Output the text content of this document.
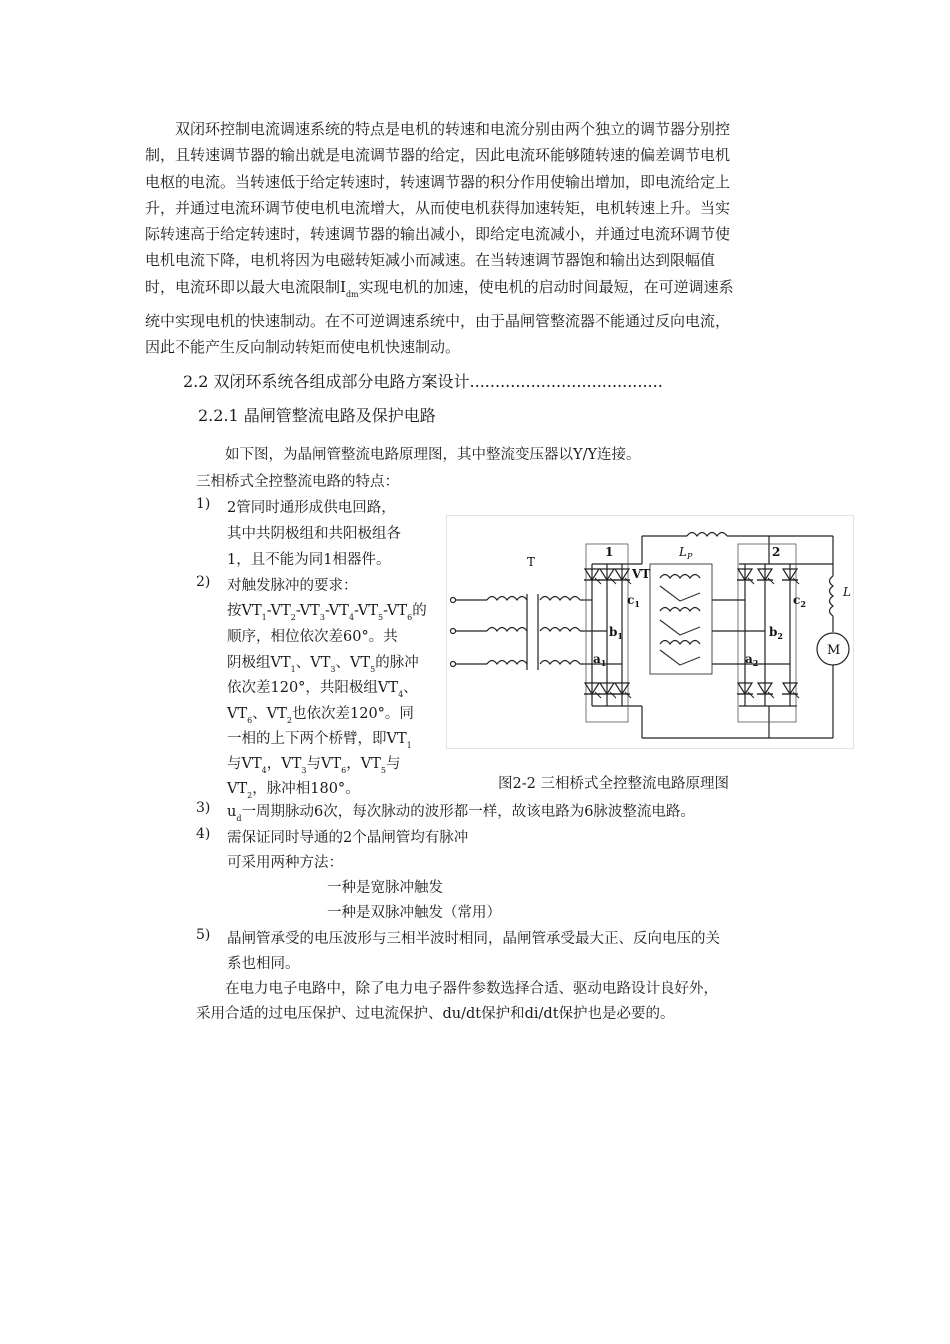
　　双闭环控制电流调速系统的特点是电机的转速和电流分别由两个独立的调节器分别控
制，且转速调节器的输出就是电流调节器的给定，因此电流环能够随转速的偏差调节电机
电枢的电流。当转速低于给定转速时，转速调节器的积分作用使输出增加，即电流给定上
升，并通过电流环调节使电机电流增大，从而使电机获得加速转矩，电机转速上升。当实
际转速高于给定转速时，转速调节器的输出减小，即给定电流减小，并通过电流环调节使
电机电流下降，电机将因为电磁转矩减小而减速。在当转速调节器饱和输出达到限幅值
时，电流环即以最大电流限制$I_{dm}$实现电机的加速，使电机的启动时间最短，在可逆调速系
统中实现电机的快速制动。在不可逆调速系统中，由于晶闸管整流器不能通过反向电流，
因此不能产生反向制动转矩而使电机快速制动。
2.2 双闭环系统各组成部分电路方案设计......................................
2.2.1 晶闸管整流电路及保护电路
　　如下图，为晶闸管整流电路原理图，其中整流变压器以Y/Y连接。
三相桥式全控整流电路的特点：
1) 2管同时通形成供电回路，
其中共阴极组和共阳极组各
1，且不能为同1相器件。
2) 对触发脉冲的要求：
按$VT_1-VT_2-VT_3-VT_4-VT_5-VT_6$的
顺序，相位依次差60°。共
阴极组$VT_1$、$VT_3$、$VT_5$的脉冲
依次差120°，共阳极组$VT_4$、
$VT_6$、$VT_2$也依次差120°。同
一相的上下两个桥臂，即$VT_1$
与$VT_4$，$VT_3$与$VT_6$，$VT_5$与
$VT_2$，脉冲相180°。
T
1
VT
$L_P$	2
L
M
$c_1$
$b_1$
$a_1$
$c_2$
$b_2$
$a_2$
图2-2 三相桥式全控整流电路原理图
3) $u_d$一周期脉动6次，每次脉动的波形都一样，故该电路为6脉波整流电路。
4) 需保证同时导通的2个晶闸管均有脉冲
可采用两种方法：
一种是宽脉冲触发
一种是双脉冲触发（常用）
5) 晶闸管承受的电压波形与三相半波时相同，晶闸管承受最大正、反向电压的关
系也相同。
　　在电力电子电路中，除了电力电子器件参数选择合适、驱动电路设计良好外，
采用合适的过电压保护、过电流保护、du/dt保护和di/dt保护也是必要的。
